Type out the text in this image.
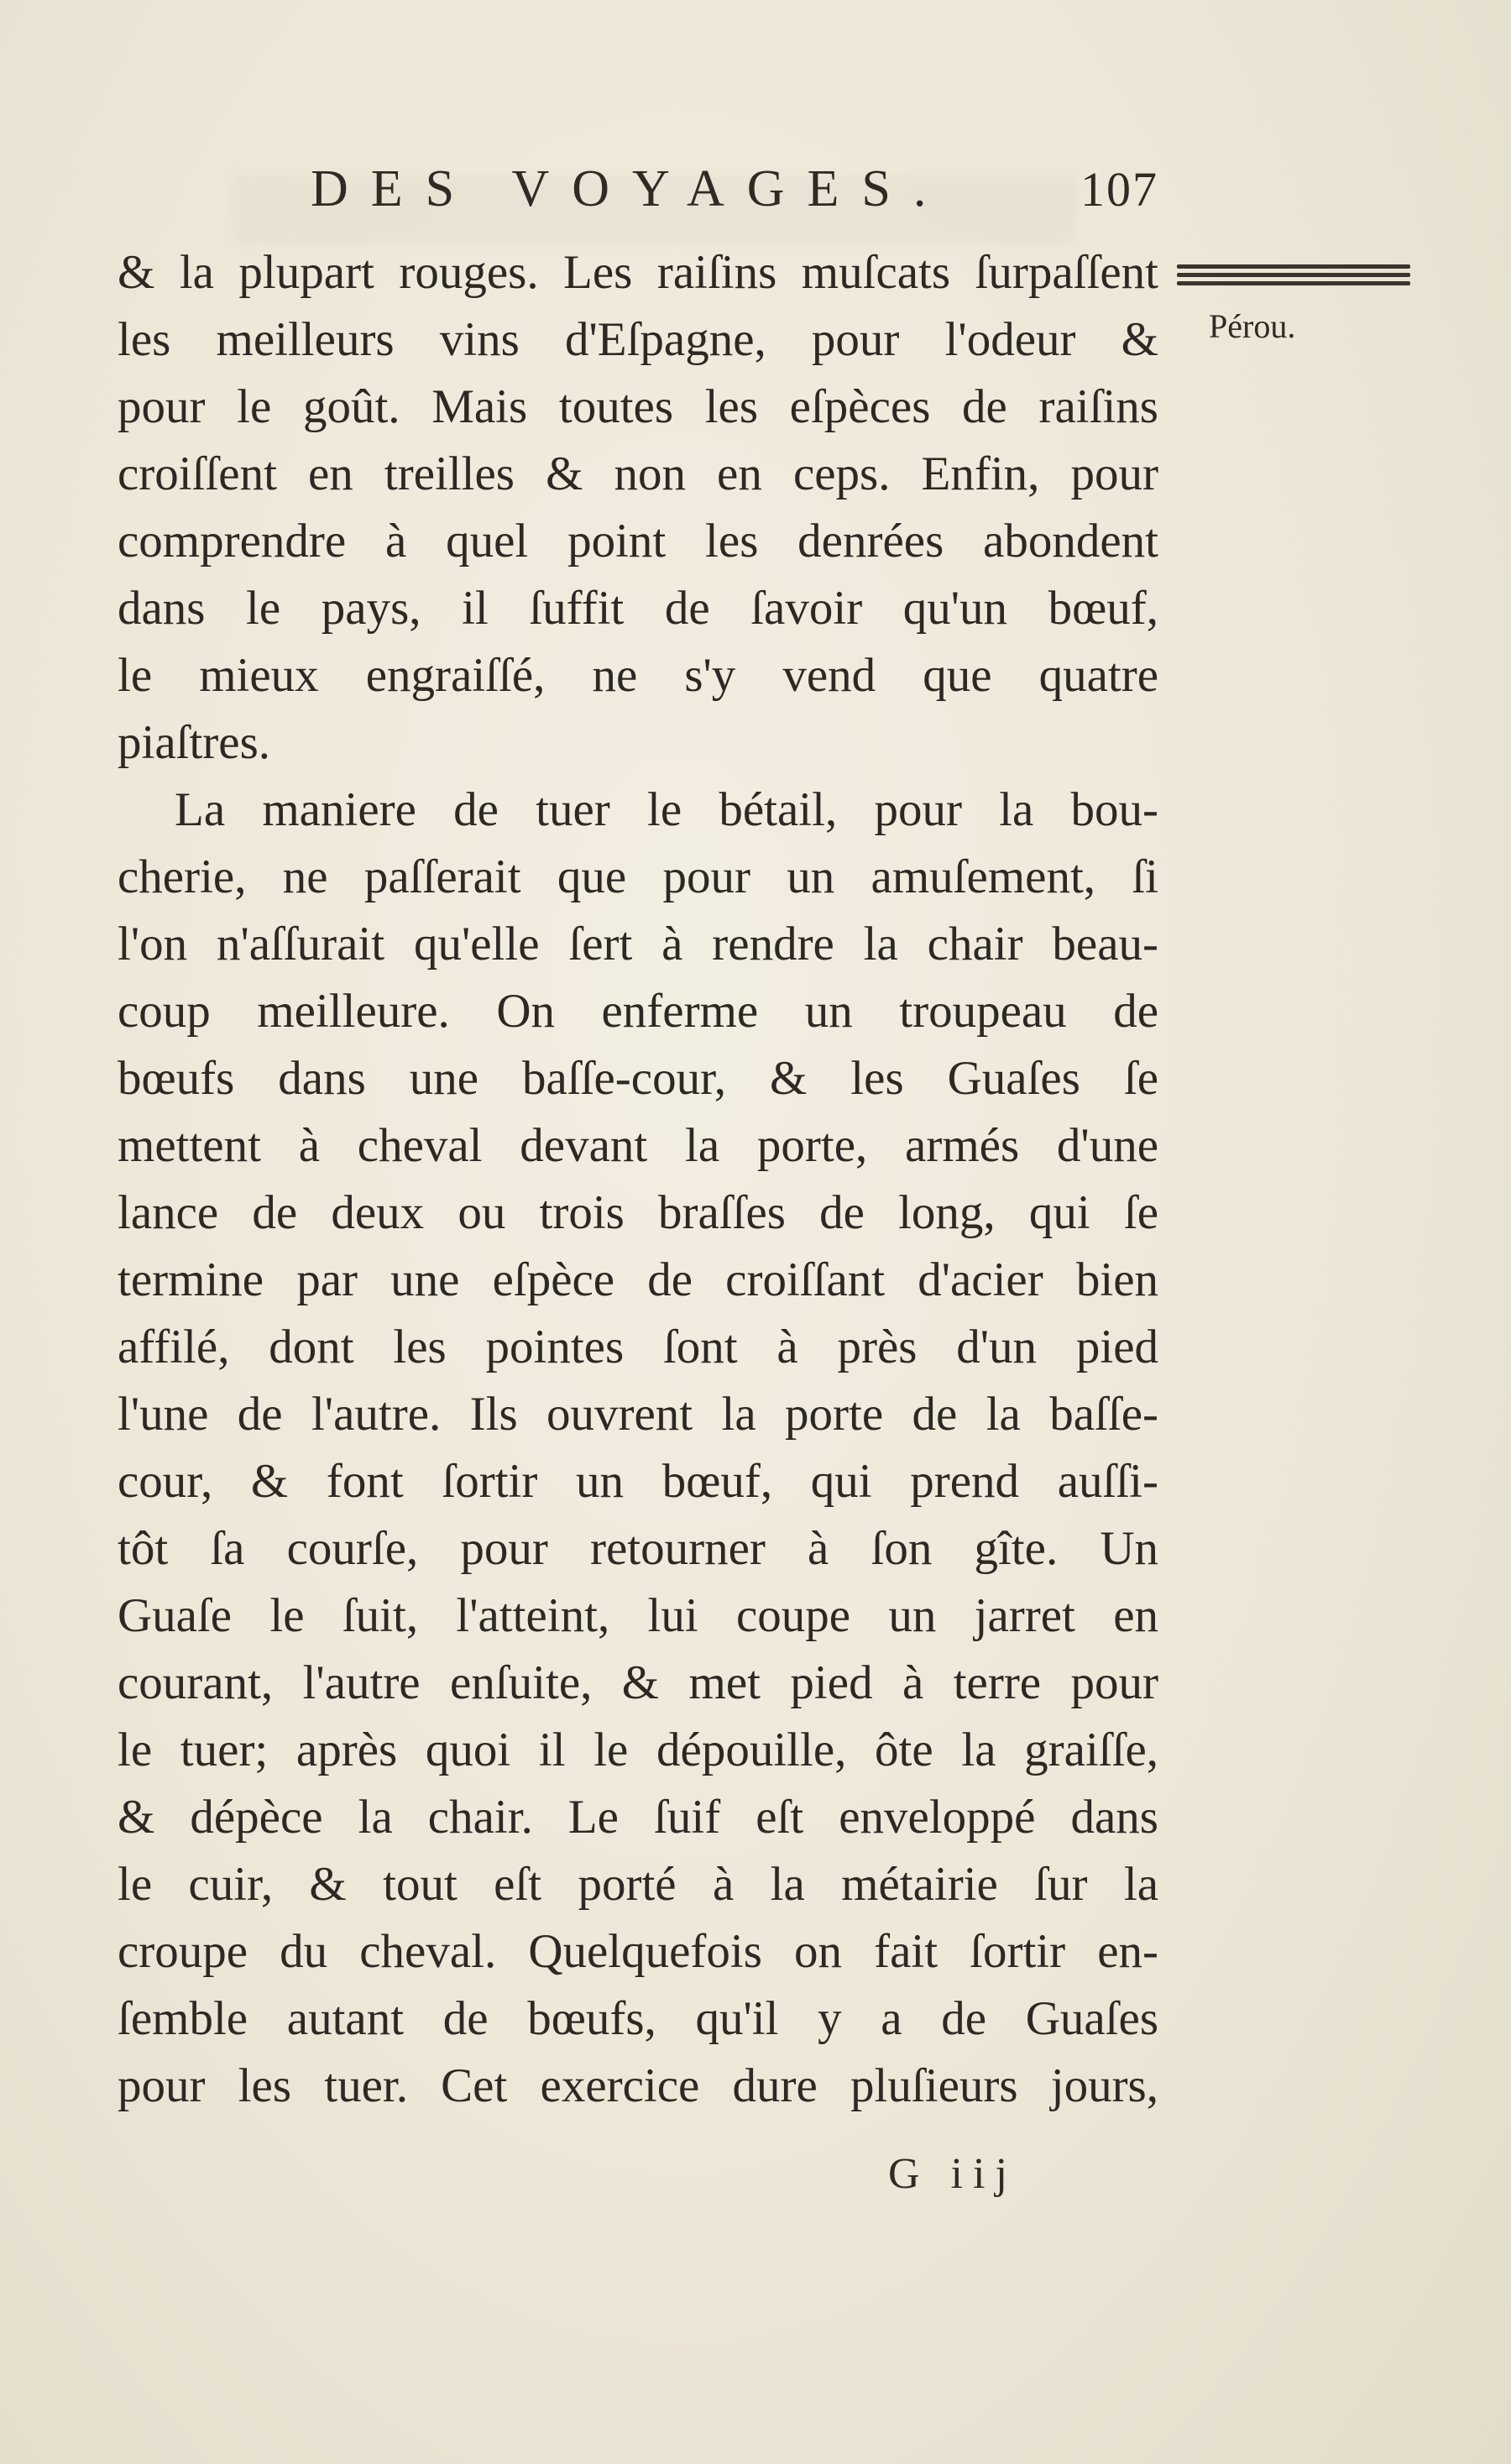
DES VOYAGES.	107
Pérou.
& la plupart rouges. Les raiſins muſcats ſurpaſſent
les meilleurs vins d'Eſpagne, pour l'odeur &
pour le goût. Mais toutes les eſpèces de raiſins
croiſſent en treilles & non en ceps. Enfin, pour
comprendre à quel point les denrées abondent
dans le pays, il ſuffit de ſavoir qu'un bœuf,
le mieux engraiſſé, ne s'y vend que quatre
piaſtres.
La maniere de tuer le bétail, pour la bou-
cherie, ne paſſerait que pour un amuſement, ſi
l'on n'aſſurait qu'elle ſert à rendre la chair beau-
coup meilleure. On enferme un troupeau de
bœufs dans une baſſe-cour, & les Guaſes ſe
mettent à cheval devant la porte, armés d'une
lance de deux ou trois braſſes de long, qui ſe
termine par une eſpèce de croiſſant d'acier bien
affilé, dont les pointes ſont à près d'un pied
l'une de l'autre. Ils ouvrent la porte de la baſſe-
cour, & font ſortir un bœuf, qui prend auſſi-
tôt ſa courſe, pour retourner à ſon gîte. Un
Guaſe le ſuit, l'atteint, lui coupe un jarret en
courant, l'autre enſuite, & met pied à terre pour
le tuer; après quoi il le dépouille, ôte la graiſſe,
& dépèce la chair. Le ſuif eſt enveloppé dans
le cuir, & tout eſt porté à la métairie ſur la
croupe du cheval. Quelquefois on fait ſortir en-
ſemble autant de bœufs, qu'il y a de Guaſes
pour les tuer. Cet exercice dure pluſieurs jours,
G iij
